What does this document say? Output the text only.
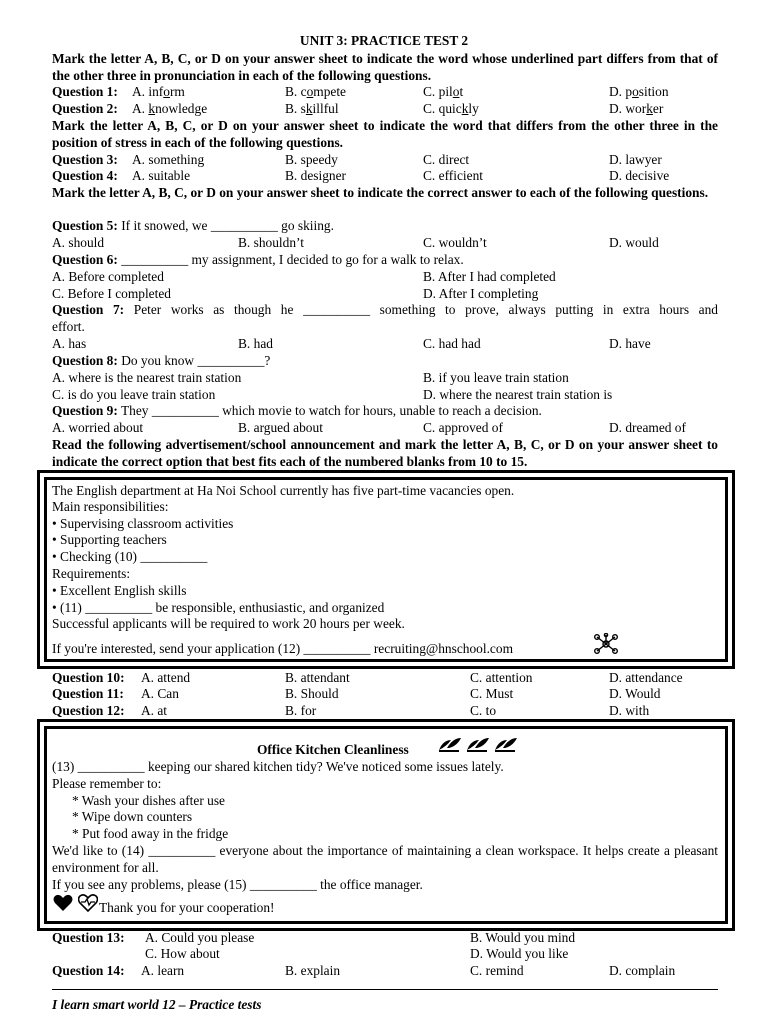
UNIT 3: PRACTICE TEST 2
Mark the letter A, B, C, or D on your answer sheet to indicate the word whose underlined part differs from that of the other three in pronunciation in each of the following questions.
Question 1: A. inform	B. compete	C. pilot	D. position
Question 2: A. knowledge	B. skillful	C. quickly	D. worker
Mark the letter A, B, C, or D on your answer sheet to indicate the word that differs from the other three in the position of stress in each of the following questions.
Question 3: A. something	B. speedy	C. direct	D. lawyer
Question 4: A. suitable	B. designer	C. efficient	D. decisive
Mark the letter A, B, C, or D on your answer sheet to indicate the correct answer to each of the following questions.
Question 5: If it snowed, we __________ go skiing.
A. should	B. shouldn’t	C. wouldn’t	D. would
Question 6: __________ my assignment, I decided to go for a walk to relax.
A. Before completed	B. After I had completed
C. Before I completed	D. After I completing
Question 7: Peter works as though he __________ something to prove, always putting in extra hours and
effort.
A. has	B. had	C. had had	D. have
Question 8: Do you know __________?
A. where is the nearest train station	B. if you leave train station
C. is do you leave train station	D. where the nearest train station is
Question 9: They __________ which movie to watch for hours, unable to reach a decision.
A. worried about	B. argued about	C. approved of	D. dreamed of
Read the following advertisement/school announcement and mark the letter A, B, C, or D on your answer sheet to indicate the correct option that best fits each of the numbered blanks from 10 to 15.
The English department at Ha Noi School currently has five part-time vacancies open.
Main responsibilities:
• Supervising classroom activities
• Supporting teachers
• Checking (10) __________
Requirements:
• Excellent English skills
• (11) __________ be responsible, enthusiastic, and organized
Successful applicants will be required to work 20 hours per week.
If you're interested, send your application (12) __________ recruiting@hnschool.com
Question 10: A. attend	B. attendant	C. attention	D. attendance
Question 11: A. Can	B. Should	C. Must	D. Would
Question 12: A. at	B. for	C. to	D. with
Office Kitchen Cleanliness
(13) __________ keeping our shared kitchen tidy? We've noticed some issues lately.
Please remember to:
* Wash your dishes after use
* Wipe down counters
* Put food away in the fridge
We'd like to (14) __________ everyone about the importance of maintaining a clean workspace. It helps create a pleasant environment for all.
If you see any problems, please (15) __________ the office manager.
Thank you for your cooperation!
Question 13: A. Could you please	B. Would you mind
C. How about	D. Would you like
Question 14: A. learn	B. explain	C. remind	D. complain
I learn smart world 12 – Practice tests
